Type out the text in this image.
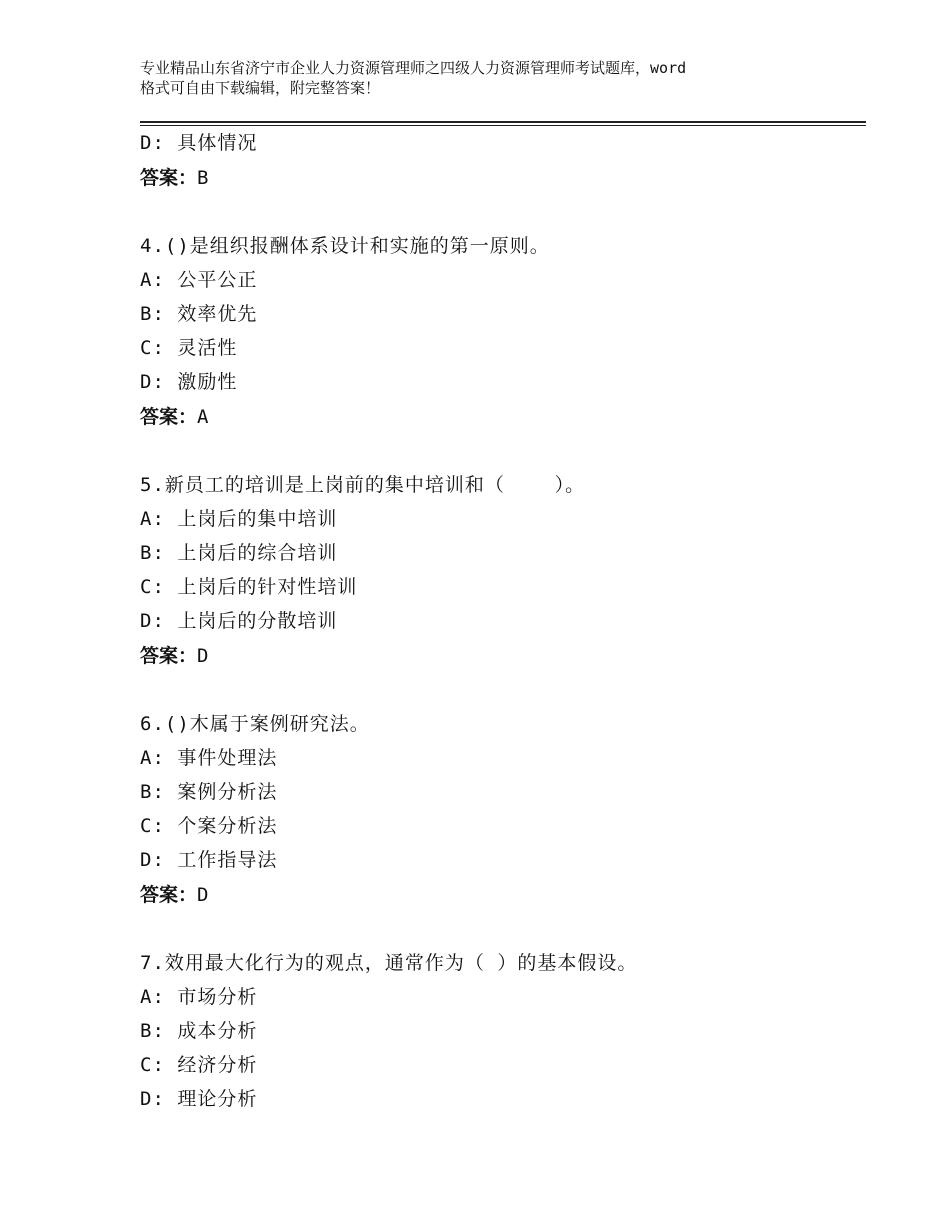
专业精品山东省济宁市企业人力资源管理师之四级人力资源管理师考试题库，word
格式可自由下载编辑，附完整答案！
D: 具体情况
答案：B
4.()是组织报酬体系设计和实施的第一原则。
A: 公平公正
B: 效率优先
C: 灵活性
D: 激励性
答案：A
5.新员工的培训是上岗前的集中培训和（    ）。
A: 上岗后的集中培训
B: 上岗后的综合培训
C: 上岗后的针对性培训
D: 上岗后的分散培训
答案：D
6.()木属于案例研究法。
A: 事件处理法
B: 案例分析法
C: 个案分析法
D: 工作指导法
答案：D
7.效用最大化行为的观点，通常作为（ ）的基本假设。
A: 市场分析
B: 成本分析
C: 经济分析
D: 理论分析
